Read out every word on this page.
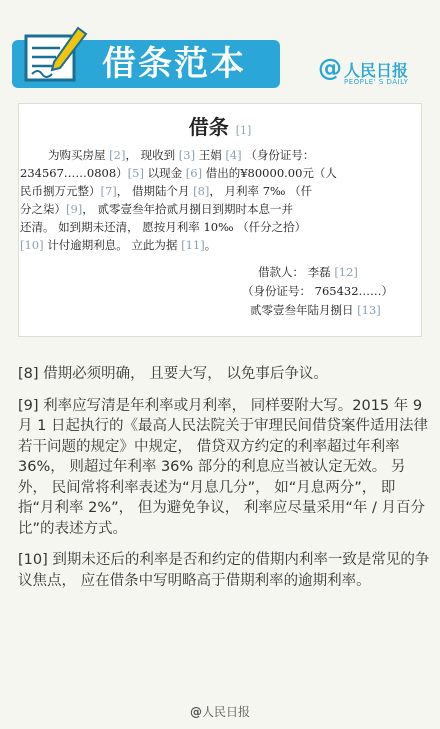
借条范本	@ 人民日报
PEOPLE' S DAILY
借条 [1]

为购买房屋 [2]， 现收到 [3] 王娟 [4] （身份证号：

234567……0808）[5] 以现金 [6] 借出的¥80000.00元（人

民币捌万元整）[7]， 借期陆个月 [8]， 月利率 7‰ （仟

分之柒）[9]， 贰零壹叁年拾贰月捌日到期时本息一并

还清。 如到期未还清， 愿按月利率 10‰ （仟分之拾）

[10] 计付逾期利息。 立此为据 [11]。

借款人： 李磊 [12]
（身份证号： 765432……）
贰零壹叁年陆月捌日 [13]

[8] 借期必须明确， 且要大写， 以免事后争议。

[9] 利率应写清是年利率或月利率， 同样要附大写。2015 年 9 月 1 日起执行的《最高人民法院关于审理民间借贷案件适用法律若干问题的规定》中规定， 借贷双方约定的利率超过年利率 36%， 则超过年利率 36% 部分的利息应当被认定无效。 另外， 民间常将利率表述为“月息几分”， 如“月息两分”， 即指“月利率 2%”， 但为避免争议， 利率应尽量采用“年 / 月百分比”的表述方式。

[10] 到期未还后的利率是否和约定的借期内利率一致是常见的争议焦点， 应在借条中写明略高于借期利率的逾期利率。

@人民日报
